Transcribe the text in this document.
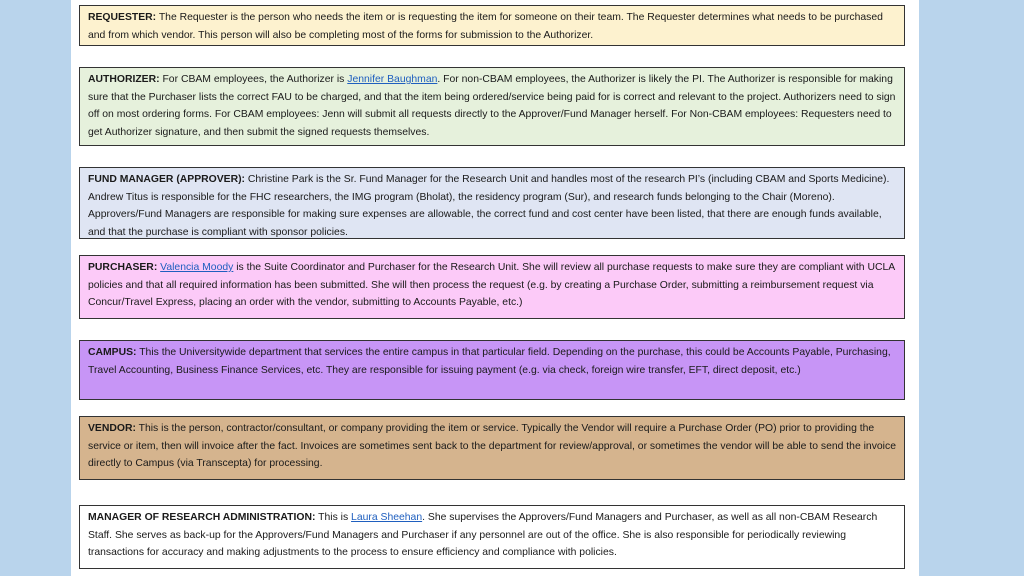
REQUESTER: The Requester is the person who needs the item or is requesting the item for someone on their team. The Requester determines what needs to be purchased and from which vendor. This person will also be completing most of the forms for submission to the Authorizer.
AUTHORIZER: For CBAM employees, the Authorizer is Jennifer Baughman. For non-CBAM employees, the Authorizer is likely the PI. The Authorizer is responsible for making sure that the Purchaser lists the correct FAU to be charged, and that the item being ordered/service being paid for is correct and relevant to the project. Authorizers need to sign off on most ordering forms. For CBAM employees: Jenn will submit all requests directly to the Approver/Fund Manager herself. For Non-CBAM employees: Requesters need to get Authorizer signature, and then submit the signed requests themselves.
FUND MANAGER (APPROVER): Christine Park is the Sr. Fund Manager for the Research Unit and handles most of the research PI’s (including CBAM and Sports Medicine). Andrew Titus is responsible for the FHC researchers, the IMG program (Bholat), the residency program (Sur), and research funds belonging to the Chair (Moreno). Approvers/Fund Managers are responsible for making sure expenses are allowable, the correct fund and cost center have been listed, that there are enough funds available, and that the purchase is compliant with sponsor policies.
PURCHASER: Valencia Moody is the Suite Coordinator and Purchaser for the Research Unit. She will review all purchase requests to make sure they are compliant with UCLA policies and that all required information has been submitted. She will then process the request (e.g. by creating a Purchase Order, submitting a reimbursement request via Concur/Travel Express, placing an order with the vendor, submitting to Accounts Payable, etc.)
CAMPUS: This the Universitywide department that services the entire campus in that particular field. Depending on the purchase, this could be Accounts Payable, Purchasing, Travel Accounting, Business Finance Services, etc. They are responsible for issuing payment (e.g. via check, foreign wire transfer, EFT, direct deposit, etc.)
VENDOR: This is the person, contractor/consultant, or company providing the item or service. Typically the Vendor will require a Purchase Order (PO) prior to providing the service or item, then will invoice after the fact. Invoices are sometimes sent back to the department for review/approval, or sometimes the vendor will be able to send the invoice directly to Campus (via Transcepta) for processing.
MANAGER OF RESEARCH ADMINISTRATION: This is Laura Sheehan. She supervises the Approvers/Fund Managers and Purchaser, as well as all non-CBAM Research Staff. She serves as back-up for the Approvers/Fund Managers and Purchaser if any personnel are out of the office. She is also responsible for periodically reviewing transactions for accuracy and making adjustments to the process to ensure efficiency and compliance with policies.
